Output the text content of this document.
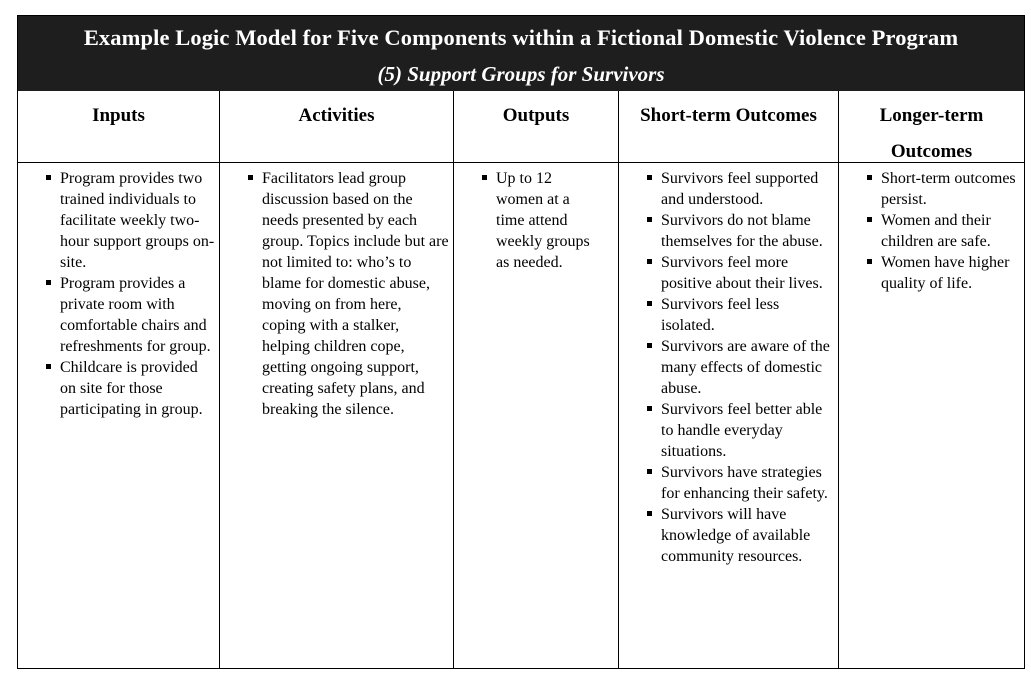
Example Logic Model for Five Components within a Fictional Domestic Violence Program
(5) Support Groups for Survivors
Inputs
Program provides two trained individuals to facilitate weekly two-hour support groups on-site.
Program provides a private room with comfortable chairs and refreshments for group.
Childcare is provided on site for those participating in group.
Activities
Facilitators lead group discussion based on the needs presented by each group. Topics include but are not limited to: who’s to blame for domestic abuse, moving on from here, coping with a stalker, helping children cope, getting ongoing support, creating safety plans, and breaking the silence.
Outputs
Up to 12 women at a time attend weekly groups as needed.
Short-term Outcomes
Survivors feel supported and understood.
Survivors do not blame themselves for the abuse.
Survivors feel more positive about their lives.
Survivors feel less isolated.
Survivors are aware of the many effects of domestic abuse.
Survivors feel better able to handle everyday situations.
Survivors have strategies for enhancing their safety.
Survivors will have knowledge of available community resources.
Longer-term
Outcomes
Short-term outcomes persist.
Women and their children are safe.
Women have higher quality of life.
